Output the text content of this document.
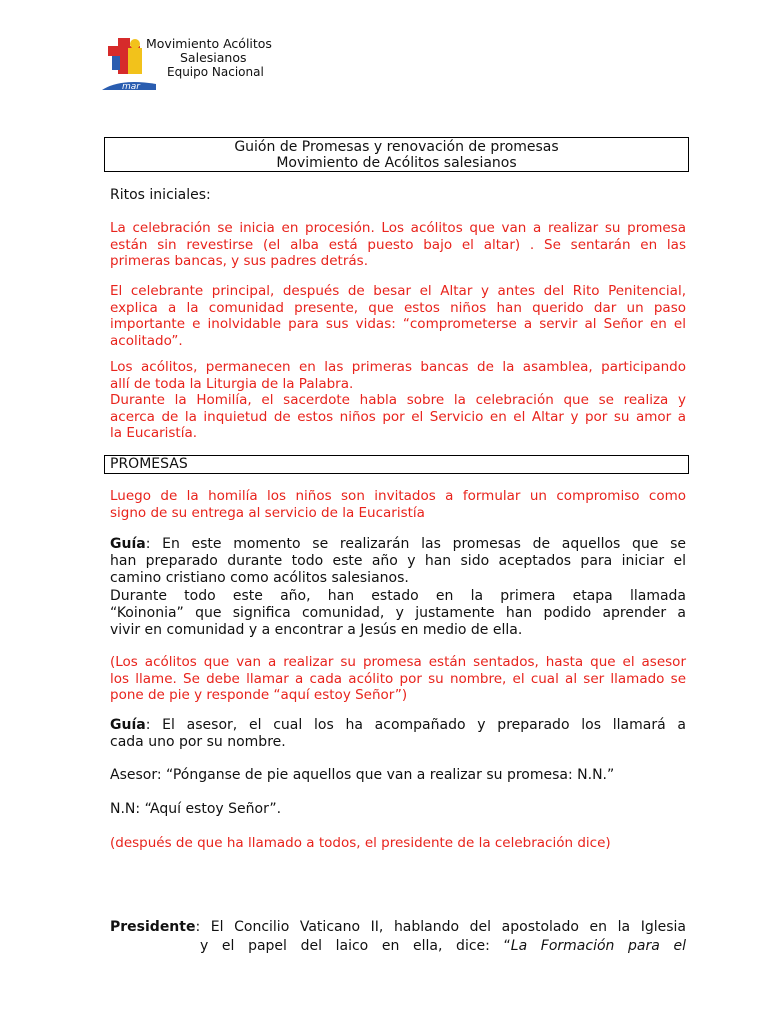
mar
Movimiento Acólitos
Salesianos
Equipo Nacional
Guión de Promesas y renovación de promesas
Movimiento de Acólitos salesianos
Ritos iniciales:
La celebración se inicia en procesión. Los acólitos que van a realizar su promesa
están sin revestirse (el alba está puesto bajo el altar) . Se sentarán en las
primeras bancas, y sus padres detrás.
El celebrante principal, después de besar el Altar y antes del Rito Penitencial,
explica a la comunidad presente, que estos niños han querido dar un paso
importante e inolvidable para sus vidas: “comprometerse a servir al Señor en el
acolitado”.
Los acólitos, permanecen en las primeras bancas de la asamblea, participando
allí de toda la Liturgia de la Palabra.
Durante la Homilía, el sacerdote habla sobre la celebración que se realiza y
acerca de la inquietud de estos niños por el Servicio en el Altar y por su amor a
la Eucaristía.
PROMESAS
Luego de la homilía los niños son invitados a formular un compromiso como
signo de su entrega al servicio de la Eucaristía
Guía: En este momento se realizarán las promesas de aquellos que se
han preparado durante todo este año y han sido aceptados para iniciar el
camino cristiano como acólitos salesianos.
Durante todo este año, han estado en la primera etapa llamada
“Koinonia” que significa comunidad, y justamente han podido aprender a
vivir en comunidad y a encontrar a Jesús en medio de ella.
(Los acólitos que van a realizar su promesa están sentados, hasta que el asesor
los llame. Se debe llamar a cada acólito por su nombre, el cual al ser llamado se
pone de pie y responde “aquí estoy Señor”)
Guía: El asesor, el cual los ha acompañado y preparado los llamará a
cada uno por su nombre.
Asesor: “Pónganse de pie aquellos que van a realizar su promesa: N.N.”
N.N: “Aquí estoy Señor”.
(después de que ha llamado a todos, el presidente de la celebración dice)
Presidente: El Concilio Vaticano II, hablando del apostolado en la Iglesia
y el papel del laico en ella, dice: “La Formación para el
